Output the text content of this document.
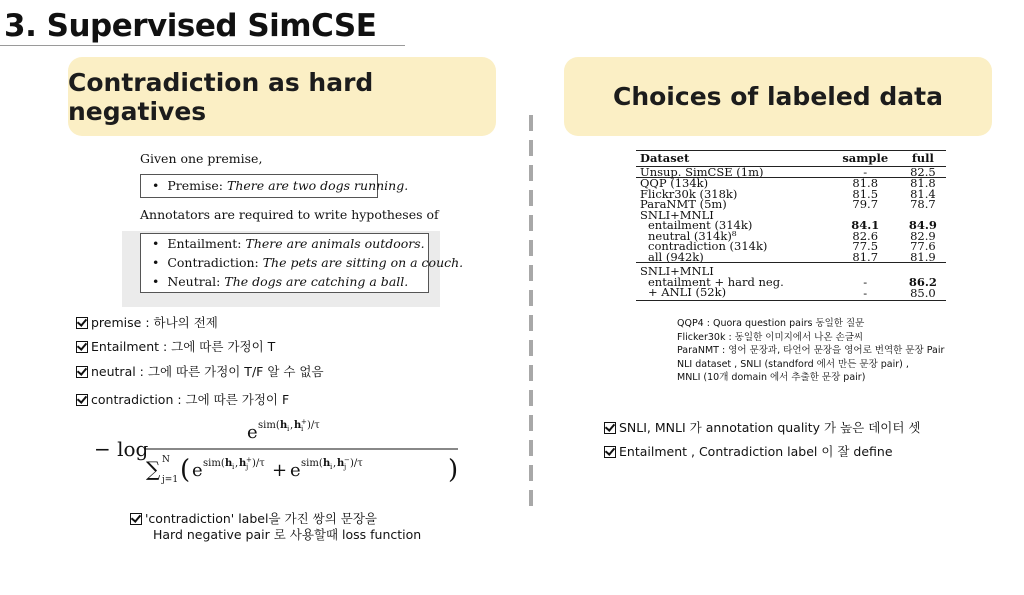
3. Supervised SimCSE
Contradiction as hard negatives	Choices of labeled data
Given one premise,
•  Premise: There are two dogs running.
Annotators are required to write hypotheses of
•  Entailment: There are animals outdoors.
•  Contradiction: The pets are sitting on a couch.
•  Neutral: The dogs are catching a ball.
premise : 하나의 전제
Entailment : 그에 따른 가정이 T
neutral : 그에 따른 가정이 T/F 알 수 없음
contradiction : 그에 따른 가정이 F
− log
e sim( h i , h i
+ )/τ
∑ j=1
N ( e sim( h i , h j
+ )/τ + e sim( h i , h j
− )/τ	)
'contradiction' label을 가진 쌍의 문장을
Hard negative pair 로 사용할때 loss function
Dataset	sample	full
Unsup. SimCSE (1m)	-	82.5
QQP (134k)	81.8	81.8
Flickr30k (318k)	81.5	81.4
ParaNMT (5m)	79.7	78.7
SNLI+MNLI		
entailment (314k)	84.1	84.9
neutral (314k)⁸	82.6	82.9
contradiction (314k)	77.5	77.6
all (942k)	81.7	81.9
SNLI+MNLI		
entailment + hard neg.	-	86.2
+ ANLI (52k)	-	85.0
QQP4 : Quora question pairs 동일한 질문
Flicker30k : 동일한 이미지에서 나온 손글씨
ParaNMT : 영어 문장과, 타언어 문장을 영어로 번역한 문장 Pair
NLI dataset , SNLI (standford 에서 만든 문장 pair) ,
MNLI (10개 domain 에서 추출한 문장 pair)
SNLI, MNLI 가 annotation quality 가 높은 데이터 셋
Entailment , Contradiction label 이 잘 define
